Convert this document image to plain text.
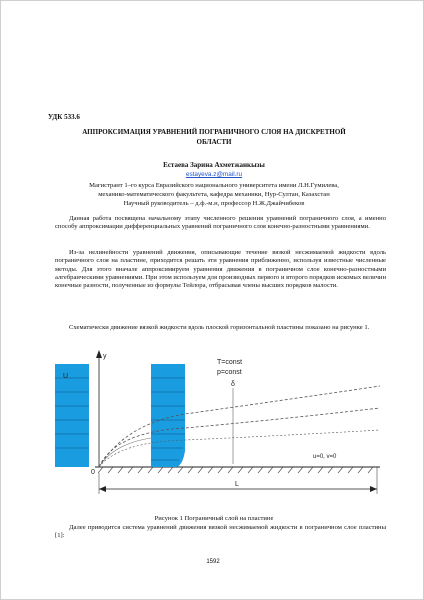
УДК 533.6
АППРОКСИМАЦИЯ УРАВНЕНИЙ ПОГРАНИЧНОГО СЛОЯ НА ДИСКРЕТНОЙ
ОБЛАСТИ
Естаева Зарина Ахметжанкызы
estayeva.z@mail.ru
Магистрант 1–го курса Евразийского национального университета имени Л.Н.Гумилева,
механико-математического факультета, кафедра механики, Нур-Султан, Казахстан
Научный руководитель – д.ф.-м.н, профессор Н.Ж.Джайчибеков
Данная работа посвящена начальному этапу численного решения уравнений пограничного слоя, а именно способу аппроксимации дифференциальных уравнений пограничного слоя конечно-разностными уравнениями.
Из-за нелинейности уравнений движения, описывающие течение вязкой несжимаемой жидкости вдоль пограничного слоя на пластине, приходится решать эти уравнения приближенно, используя известные численные методы. Для этого вначале аппроксимируем уравнения движения в пограничном слое конечно-разностными алгебраическими уравнениями. При этом используем для производных первого и второго порядков искомых величин конечные разности, полученные из формулы Тейлора, отбрасывая члены высших порядков малости.
Схематически движение вязкой жидкости вдоль плоской горизонтальной пластины показано на рисунке 1.
U
y
0
T=const
p=const
δ
u=0, v=0
L
Рисунок 1 Пограничный слой на пластине
Далее приводится система уравнений движения вязкой несжимаемой жидкости в пограничном слое пластины [1]:
1592
